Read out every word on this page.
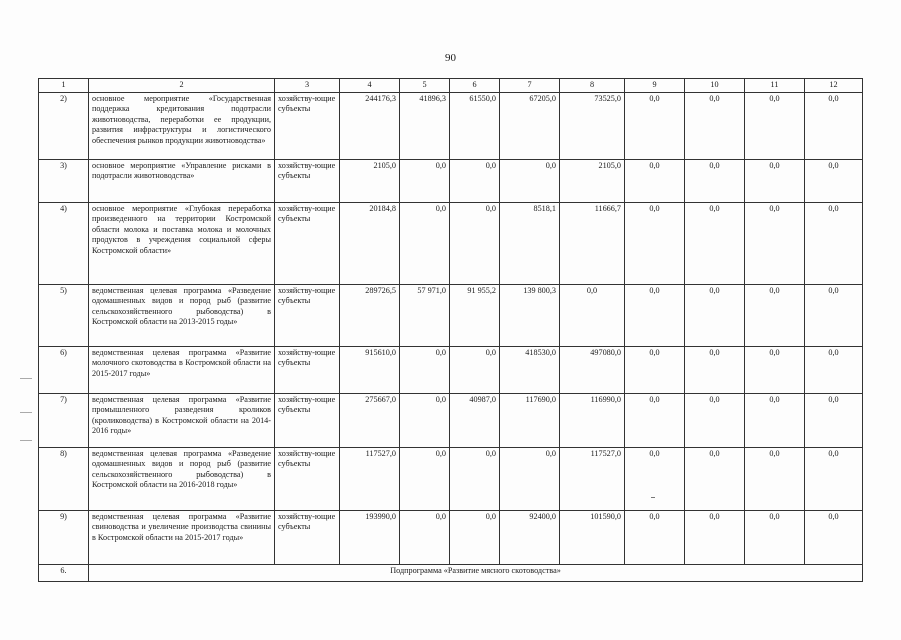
90
1	2	3	4	5	6	7	8	9	10	11	12
2)	основное мероприятие «Государственная поддержка кредитования подотрасли животноводства, переработки ее продукции, развития инфраструктуры и логистического обеспечения рынков продукции животноводства»	хозяйству-ющие субъекты	244176,3	41896,3	61550,0	67205,0	73525,0	0,0	0,0	0,0	0,0
3)	основное мероприятие «Управление рисками в подотрасли животноводства»	хозяйству-ющие субъекты	2105,0	0,0	0,0	0,0	2105,0	0,0	0,0	0,0	0,0
4)	основное мероприятие «Глубокая переработка произведенного на территории Костромской области молока и поставка молока и молочных продуктов в учреждения социальной сферы Костромской области»	хозяйству-ющие субъекты	20184,8	0,0	0,0	8518,1	11666,7	0,0	0,0	0,0	0,0
5)	ведомственная целевая программа «Разведение одомашненных видов и пород рыб (развитие сельскохозяйственного рыбоводства) в Костромской области на 2013-2015 годы»	хозяйству-ющие субъекты	289726,5	57 971,0	91 955,2	139 800,3	0,0	0,0	0,0	0,0	0,0
6)	ведомственная целевая программа «Развитие молочного скотоводства в Костромской области на 2015-2017 годы»	хозяйству-ющие субъекты	915610,0	0,0	0,0	418530,0	497080,0	0,0	0,0	0,0	0,0
7)	ведомственная целевая программа «Развитие промышленного разведения кроликов (кролиководства) в Костромской области на 2014-2016 годы»	хозяйству-ющие субъекты	275667,0	0,0	40987,0	117690,0	116990,0	0,0	0,0	0,0	0,0
8)	ведомственная целевая программа «Разведение одомашненных видов и пород рыб (развитие сельскохозяйственного рыбоводства) в Костромской области на 2016-2018 годы»	хозяйству-ющие субъекты	117527,0	0,0	0,0	0,0	117527,0	0,0	0,0	0,0	0,0
9)	ведомственная целевая программа «Развитие свиноводства и увеличение производства свинины в Костромской области на 2015-2017 годы»	хозяйству-ющие субъекты	193990,0	0,0	0,0	92400,0	101590,0	0,0	0,0	0,0	0,0
6.	Подпрограмма «Развитие мясного скотоводства»										
